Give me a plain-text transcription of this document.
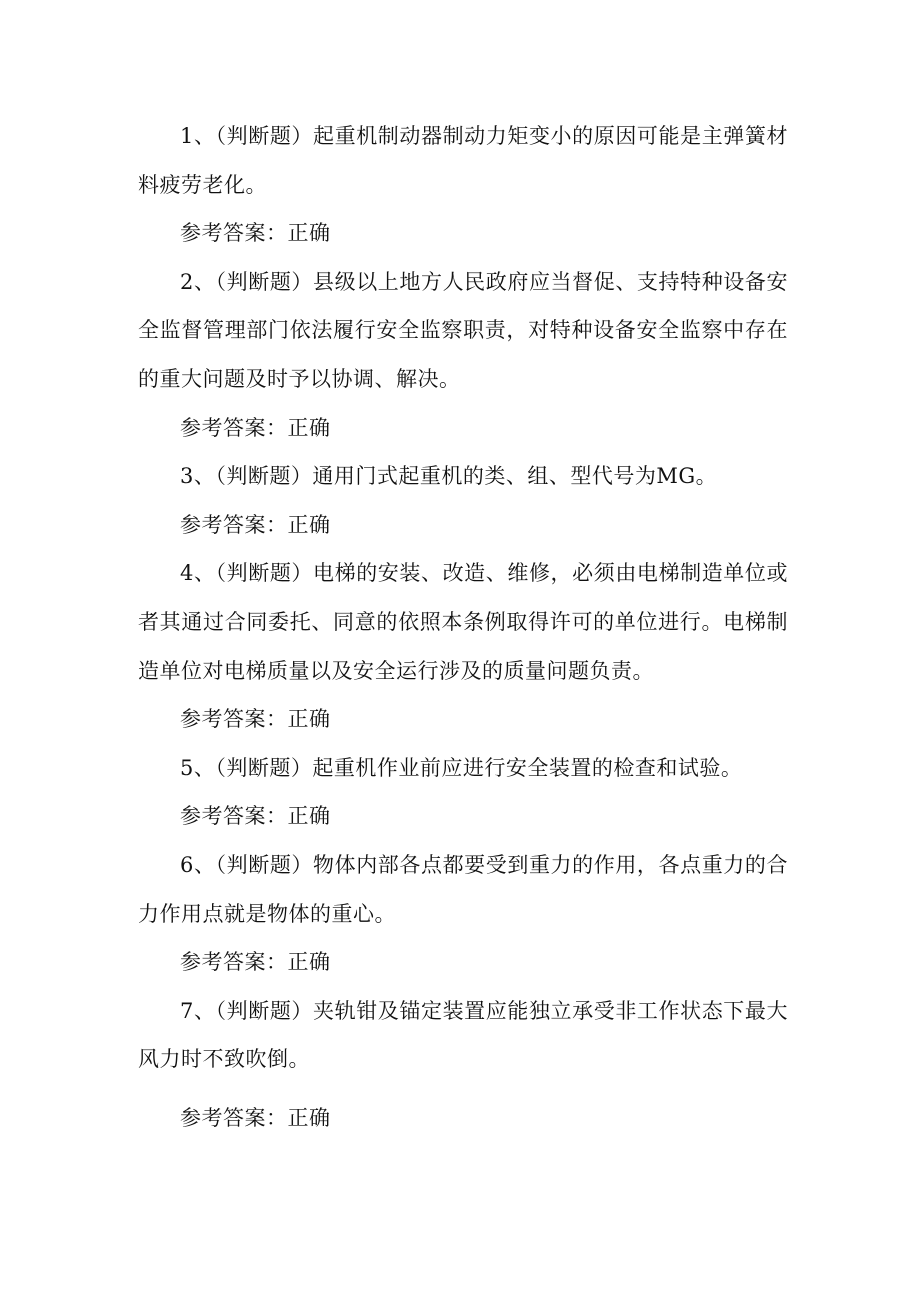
1、（判断题）起重机制动器制动力矩变小的原因可能是主弹簧材料疲劳老化。

参考答案：正确

2、（判断题）县级以上地方人民政府应当督促、支持特种设备安全监督管理部门依法履行安全监察职责，对特种设备安全监察中存在的重大问题及时予以协调、解决。

参考答案：正确

3、（判断题）通用门式起重机的类、组、型代号为MG。

参考答案：正确

4、（判断题）电梯的安装、改造、维修，必须由电梯制造单位或者其通过合同委托、同意的依照本条例取得许可的单位进行。电梯制造单位对电梯质量以及安全运行涉及的质量问题负责。

参考答案：正确

5、（判断题）起重机作业前应进行安全装置的检查和试验。

参考答案：正确

6、（判断题）物体内部各点都要受到重力的作用，各点重力的合力作用点就是物体的重心。

参考答案：正确

7、（判断题）夹轨钳及锚定装置应能独立承受非工作状态下最大风力时不致吹倒。

参考答案：正确
